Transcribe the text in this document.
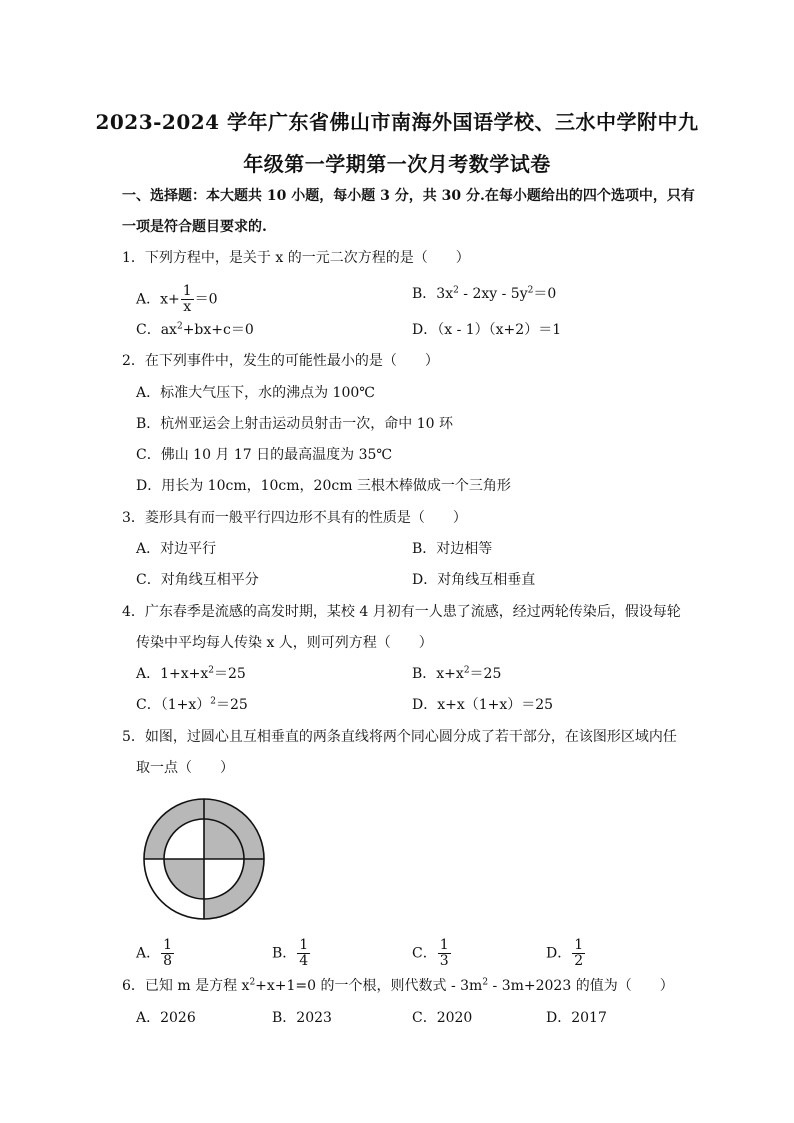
2023-2024 学年广东省佛山市南海外国语学校、三水中学附中九
年级第一学期第一次月考数学试卷
一、选择题：本大题共 10 小题，每小题 3 分，共 30 分.在每小题给出的四个选项中，只有
一项是符合题目要求的.
1．下列方程中，是关于 x 的一元二次方程的是（　　）
A．$x+ \frac{1}{x} =0$	B．$3x^2 - 2xy - 5y^2=0$
C．$ax^2+bx+c=0$	D．（x - 1）（x+2）＝1
2．在下列事件中，发生的可能性最小的是（　　）
A．标准大气压下，水的沸点为 100℃
B．杭州亚运会上射击运动员射击一次，命中 10 环
C．佛山 10 月 17 日的最高温度为 35℃
D．用长为 10cm，10cm，20cm 三根木棒做成一个三角形
3．菱形具有而一般平行四边形不具有的性质是（　　）
A．对边平行	B．对边相等
C．对角线互相平分	D．对角线互相垂直
4．广东春季是流感的高发时期，某校 4 月初有一人患了流感，经过两轮传染后，假设每轮
传染中平均每人传染 x 人，则可列方程（　　）
A．$1+x+x^2=25$	B．$x+x^2=25$
C．$(1+x)^2=25$	D．x+x（1+x）＝25
5．如图，过圆心且互相垂直的两条直线将两个同心圆分成了若干部分，在该图形区域内任
取一点（　　）
A． $\frac{1}{8}$	B． $\frac{1}{4}$	C． $\frac{1}{3}$	D． $\frac{1}{2}$
6．已知 m 是方程 $x^2+x+1=0$ 的一个根，则代数式 - $3m^2 - 3m+2023$ 的值为（　　）
A．2026	B．2023	C．2020	D．2017
